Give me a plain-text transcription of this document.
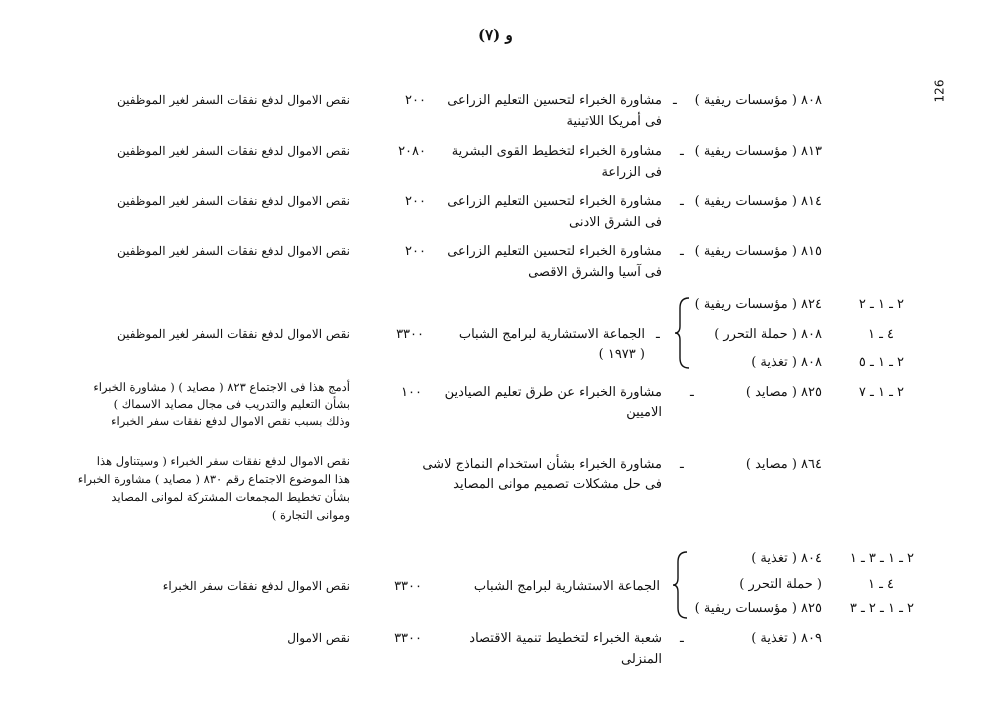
و (٧)
126
٨٠٨ ( مؤسسات ريفية )
ـ
مشاورة الخبراء لتحسين التعليم الزراعى
فى أمريكا اللاتينية
٢٠٠
نقص الاموال لدفع نفقات السفر لغير الموظفين
٨١٣ ( مؤسسات ريفية )
ـ
مشاورة الخبراء لتخطيط القوى البشرية
فى الزراعة
٢٠٨٠
نقص الاموال لدفع نفقات السفر لغير الموظفين
٨١٤ ( مؤسسات ريفية )
ـ
مشاورة الخبراء لتحسين التعليم الزراعى
فى الشرق الادنى
٢٠٠
نقص الاموال لدفع نفقات السفر لغير الموظفين
٨١٥ ( مؤسسات ريفية )
ـ
مشاورة الخبراء لتحسين التعليم الزراعى
فى آسيا والشرق الاقصى
٢٠٠
نقص الاموال لدفع نفقات السفر لغير الموظفين
٢ ـ ١ ـ ٢
٨٢٤ ( مؤسسات ريفية )
٤ ـ ١
٨٠٨ ( حملة التحرر )
٢ ـ ١ ـ ٥
٨٠٨ ( تغذية )
ـ
الجماعة الاستشارية لبرامج الشباب
( ١٩٧٣ )
٣٣٠٠
نقص الاموال لدفع نفقات السفر لغير الموظفين
٢ ـ ١ ـ ٧
٨٢٥ ( مصايد )
ـ
مشاورة الخبراء عن طرق تعليم الصيادين
الاميين
١٠٠
أدمج هذا فى الاجتماع ٨٢٣ ( مصايد ) ( مشاورة الخبراء
بشأن التعليم والتدريب فى مجال مصايد الاسماك )
وذلك بسبب نقص الاموال لدفع نفقات سفر الخبراء
٨٦٤ ( مصايد )
ـ
مشاورة الخبراء بشأن استخدام النماذج لاشى
فى حل مشكلات تصميم موانى المصايد
نقص الاموال لدفع نفقات سفر الخبراء ( وسيتناول هذا
هذا الموضوع الاجتماع رقم ٨٣٠ ( مصايد ) مشاورة الخبراء
بشأن تخطيط المجمعات المشتركة لموانى المصايد
وموانى التجارة )
٢ ـ ١ ـ ٣ ـ ١
٨٠٤ ( تغذية )
٤ ـ ١
( حملة التحرر )
٢ ـ ١ ـ ٢ ـ ٣
٨٢٥ ( مؤسسات ريفية )
الجماعة الاستشارية لبرامج الشباب
٣٣٠٠
نقص الاموال لدفع نفقات سفر الخبراء
٨٠٩ ( تغذية )
ـ
شعبة الخبراء لتخطيط تنمية الاقتصاد
المنزلى
٣٣٠٠
نقص الاموال
